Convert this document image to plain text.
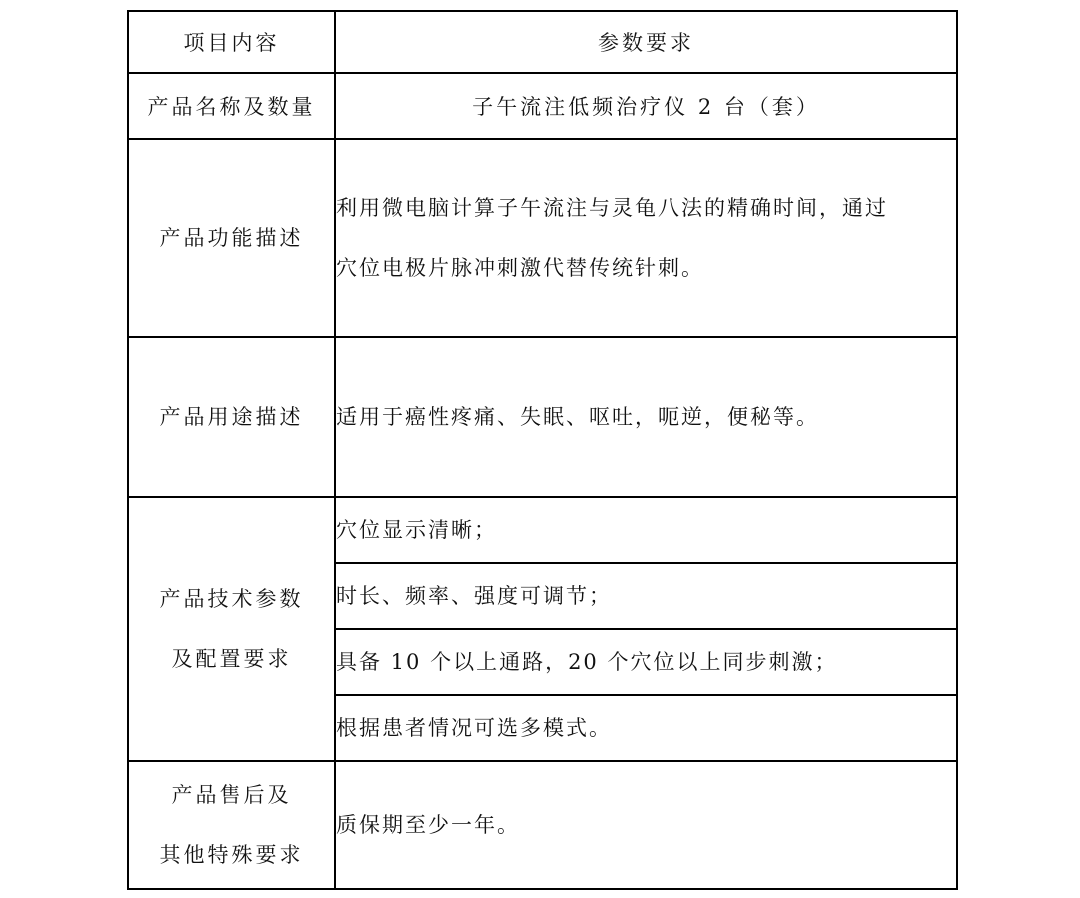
项目内容	参数要求
产品名称及数量	子午流注低频治疗仪 2 台（套）
产品功能描述	利用微电脑计算子午流注与灵龟八法的精确时间，通过
穴位电极片脉冲刺激代替传统针刺。

产品用途描述	适用于癌性疼痛、失眠、呕吐，呃逆，便秘等。

产品技术参数
及配置要求	穴位显示清晰；
	时长、频率、强度可调节；
	具备 10 个以上通路，20 个穴位以上同步刺激；
	根据患者情况可选多模式。

产品售后及
其他特殊要求	质保期至少一年。
